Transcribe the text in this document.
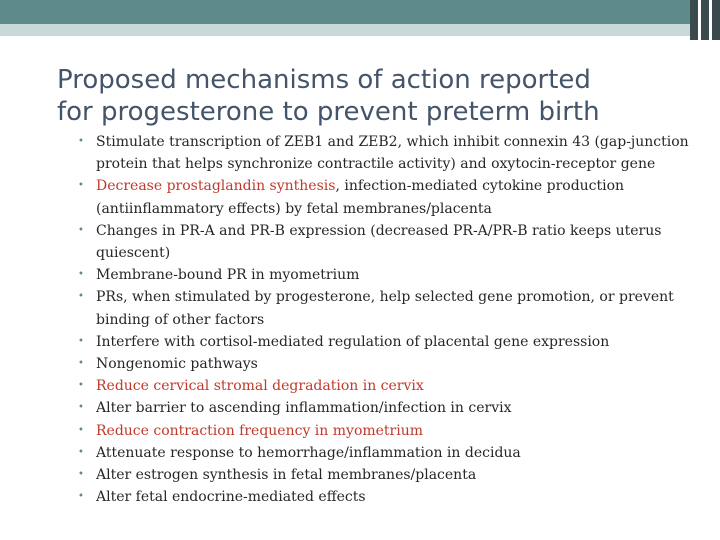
Proposed mechanisms of action reported
for progesterone to prevent preterm birth
• Stimulate transcription of ZEB1 and ZEB2, which inhibit connexin 43 (gap-junction
protein that helps synchronize contractile activity) and oxytocin-receptor gene
• Decrease prostaglandin synthesis, infection-mediated cytokine production
(antiinflammatory effects) by fetal membranes/placenta
• Changes in PR-A and PR-B expression (decreased PR-A/PR-B ratio keeps uterus
quiescent)
• Membrane-bound PR in myometrium
• PRs, when stimulated by progesterone, help selected gene promotion, or prevent
binding of other factors
• Interfere with cortisol-mediated regulation of placental gene expression
• Nongenomic pathways
• Reduce cervical stromal degradation in cervix
• Alter barrier to ascending inflammation/infection in cervix
• Reduce contraction frequency in myometrium
• Attenuate response to hemorrhage/inflammation in decidua
• Alter estrogen synthesis in fetal membranes/placenta
• Alter fetal endocrine-mediated effects
